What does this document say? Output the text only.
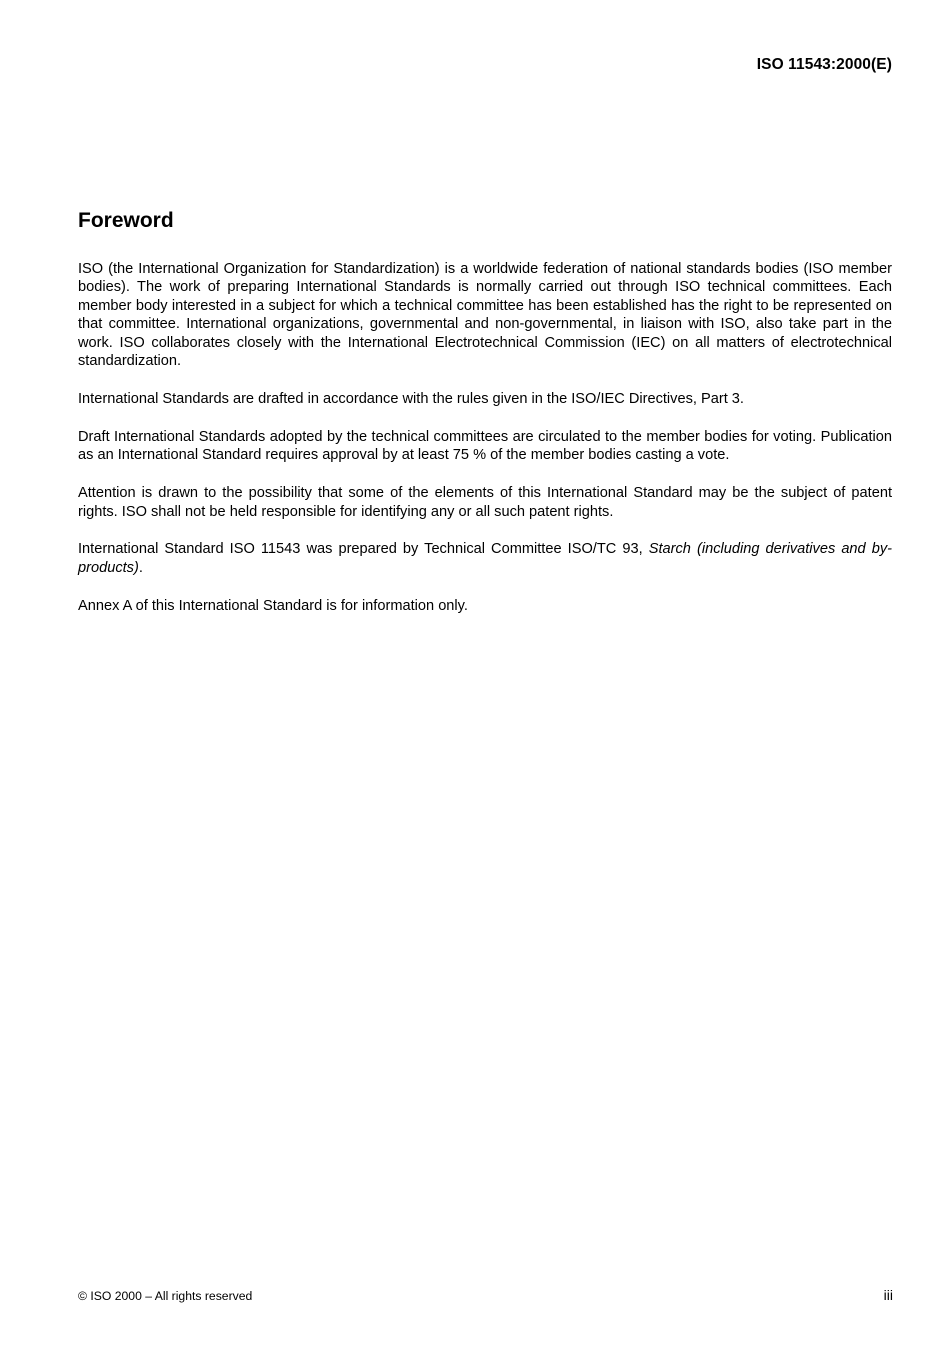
ISO 11543:2000(E)
Foreword

ISO (the International Organization for Standardization) is a worldwide federation of national standards bodies (ISO member bodies). The work of preparing International Standards is normally carried out through ISO technical committees. Each member body interested in a subject for which a technical committee has been established has the right to be represented on that committee. International organizations, governmental and non-governmental, in liaison with ISO, also take part in the work. ISO collaborates closely with the International Electrotechnical Commission (IEC) on all matters of electrotechnical standardization.

International Standards are drafted in accordance with the rules given in the ISO/IEC Directives, Part 3.

Draft International Standards adopted by the technical committees are circulated to the member bodies for voting. Publication as an International Standard requires approval by at least 75 % of the member bodies casting a vote.

Attention is drawn to the possibility that some of the elements of this International Standard may be the subject of patent rights. ISO shall not be held responsible for identifying any or all such patent rights.

International Standard ISO 11543 was prepared by Technical Committee ISO/TC 93, Starch (including derivatives and by-products).

Annex A of this International Standard is for information only.

© ISO 2000 – All rights reserved	iii
